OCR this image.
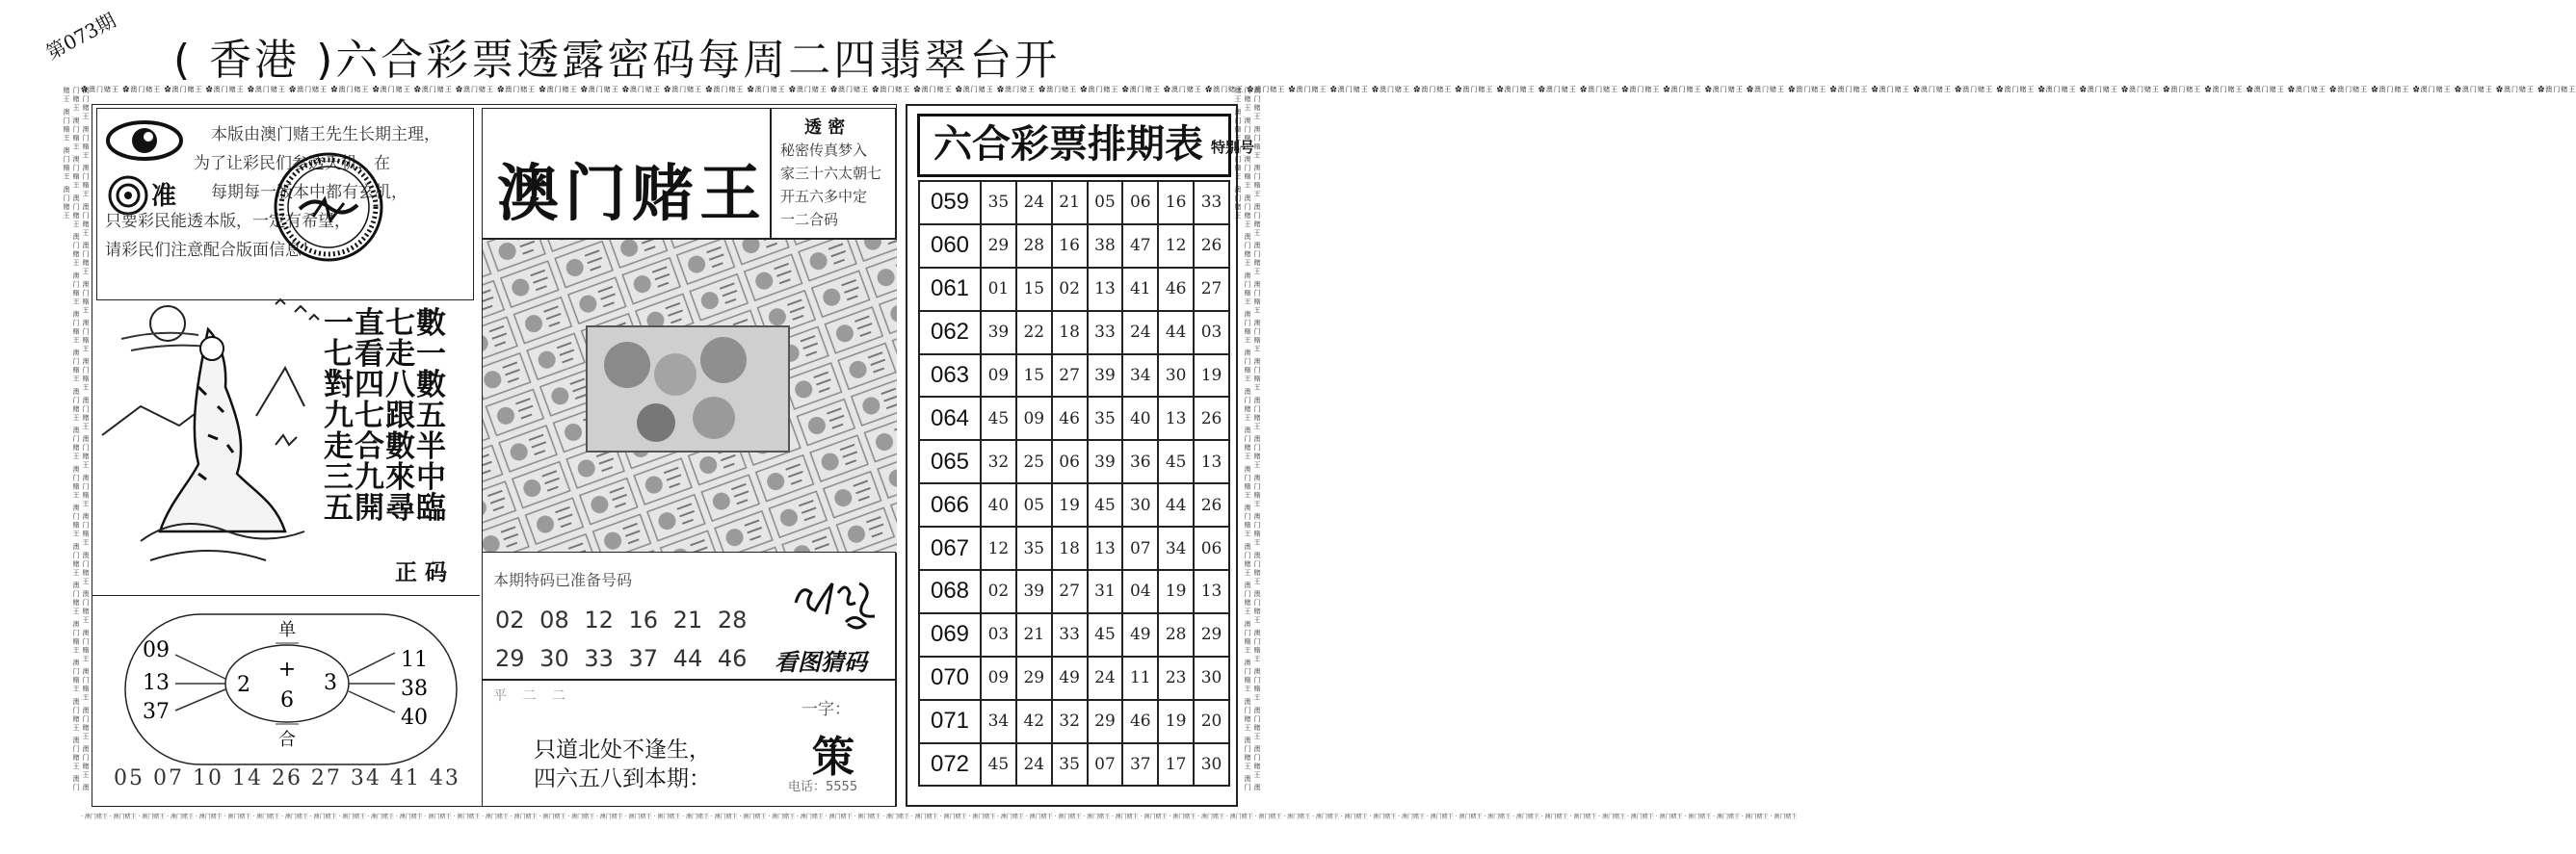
第073期	( 香港 )六合彩票透露密码每周二四翡翠台开
✿澳门赌王 ✿澳门赌王 ✿澳门赌王 ✿澳门赌王 ✿澳门赌王 ✿澳门赌王 ✿澳门赌王 ✿澳门赌王 ✿澳门赌王 ✿澳门赌王 ✿澳门赌王 ✿澳门赌王 ✿澳门赌王 ✿澳门赌王 ✿澳门赌王 ✿澳门赌王 ✿澳门赌王 ✿澳门赌王 ✿澳门赌王 ✿澳门赌王 ✿澳门赌王 ✿澳门赌王 ✿澳门赌王 ✿澳门赌王 ✿澳门赌王 ✿澳门赌王 ✿澳门赌王 ✿澳门赌王 ✿澳门赌王 ✿澳门赌王 ✿澳门赌王 ✿澳门赌王 ✿澳门赌王 ✿澳门赌王 ✿澳门赌王 ✿澳门赌王 ✿澳门赌王 ✿澳门赌王 ✿澳门赌王 ✿澳门赌王 ✿澳门赌王 ✿澳门赌王 ✿澳门赌王 ✿澳门赌王 ✿澳门赌王 ✿澳门赌王 ✿澳门赌王 ✿澳门赌王 ✿澳门赌王 ✿澳门赌王 ✿澳门赌王 ✿澳门赌王 ✿澳门赌王 ✿澳门赌王 ✿澳门赌王 ✿澳门赌王 ✿澳门赌王 ✿澳门赌王 ✿澳门赌王 ✿澳门赌王
澳门赌王 澳门赌王 澳门赌王 澳门赌王 澳门赌王 澳门赌王 澳门赌王 澳门赌王 澳门赌王 澳门赌王 澳门赌王 澳门赌王 澳门赌王 澳门赌王 澳门赌王 澳门赌王 澳门赌王 澳门赌王 澳门赌王 澳门赌王 澳门赌王 澳门赌王 澳门赌王 澳门赌王 澳门赌王 澳门赌王 澳门赌王 澳门赌王 澳门赌王 澳门赌王 澳门赌王 澳门赌王 澳门赌王 澳门赌王 澳门赌王 澳门赌王 澳门赌王 澳门赌王 澳门赌王 澳门赌王	澳门赌王 澳门赌王 澳门赌王 澳门赌王 澳门赌王 澳门赌王 澳门赌王 澳门赌王 澳门赌王 澳门赌王 澳门赌王 澳门赌王 澳门赌王 澳门赌王 澳门赌王 澳门赌王 澳门赌王 澳门赌王 澳门赌王 澳门赌王 澳门赌王 澳门赌王 澳门赌王 澳门赌王 澳门赌王 澳门赌王 澳门赌王 澳门赌王 澳门赌王 澳门赌王 澳门赌王 澳门赌王 澳门赌王 澳门赌王 澳门赌王 澳门赌王 澳门赌王 澳门赌王 澳门赌王 澳门赌王
· 澳门赌王 · 澳门赌王 · 澳门赌王 · 澳门赌王 · 澳门赌王 · 澳门赌王 · 澳门赌王 · 澳门赌王 · 澳门赌王 · 澳门赌王 · 澳门赌王 · 澳门赌王 · 澳门赌王 · 澳门赌王 · 澳门赌王 · 澳门赌王 · 澳门赌王 · 澳门赌王 · 澳门赌王 · 澳门赌王 · 澳门赌王 · 澳门赌王 · 澳门赌王 · 澳门赌王 · 澳门赌王 · 澳门赌王 · 澳门赌王 · 澳门赌王 · 澳门赌王 · 澳门赌王 · 澳门赌王 · 澳门赌王 · 澳门赌王 · 澳门赌王 · 澳门赌王 · 澳门赌王 · 澳门赌王 · 澳门赌王 · 澳门赌王 · 澳门赌王 · 澳门赌王 · 澳门赌王 · 澳门赌王 · 澳门赌王 · 澳门赌王 · 澳门赌王 · 澳门赌王 · 澳门赌王 · 澳门赌王 · 澳门赌王 · 澳门赌王 · 澳门赌王 · 澳门赌王 · 澳门赌王 · 澳门赌王 · 澳门赌王 · 澳门赌王 · 澳门赌王 · 澳门赌王 · 澳门赌王
准
本版由澳门赌王先生长期主理，
为了让彩民们参透天机，在
每期每一版本中都有玄机，
只要彩民能透本版，一定有希望，
请彩民们注意配合版面信息！
一直七數
七看走一
對四八數
九七跟五
走合數半
三九來中
五開尋臨
正 码
单
合
09
13
37
11
38
40
2	3
+
6
05 07 10 14 26 27 34 41 43
澳门赌王
透 密
秘密传真梦入
家三十六太朝七
开五六多中定
一二合码
本期特码已准备号码
02 08 12 16 21 28
29 30 33 37 44 46 看图猜码
平 二 二
只道北处不逢生，
四六五八到本期：
一字：
策
电话：5555
六合彩票排期表 特别号
059	35	24	21	05	06	16	33
060	29	28	16	38	47	12	26
061	01	15	02	13	41	46	27
062	39	22	18	33	24	44	03
063	09	15	27	39	34	30	19
064	45	09	46	35	40	13	26
065	32	25	06	39	36	45	13
066	40	05	19	45	30	44	26
067	12	35	18	13	07	34	06
068	02	39	27	31	04	19	13
069	03	21	33	45	49	28	29
070	09	29	49	24	11	23	30
071	34	42	32	29	46	19	20
072	45	24	35	07	37	17	30
